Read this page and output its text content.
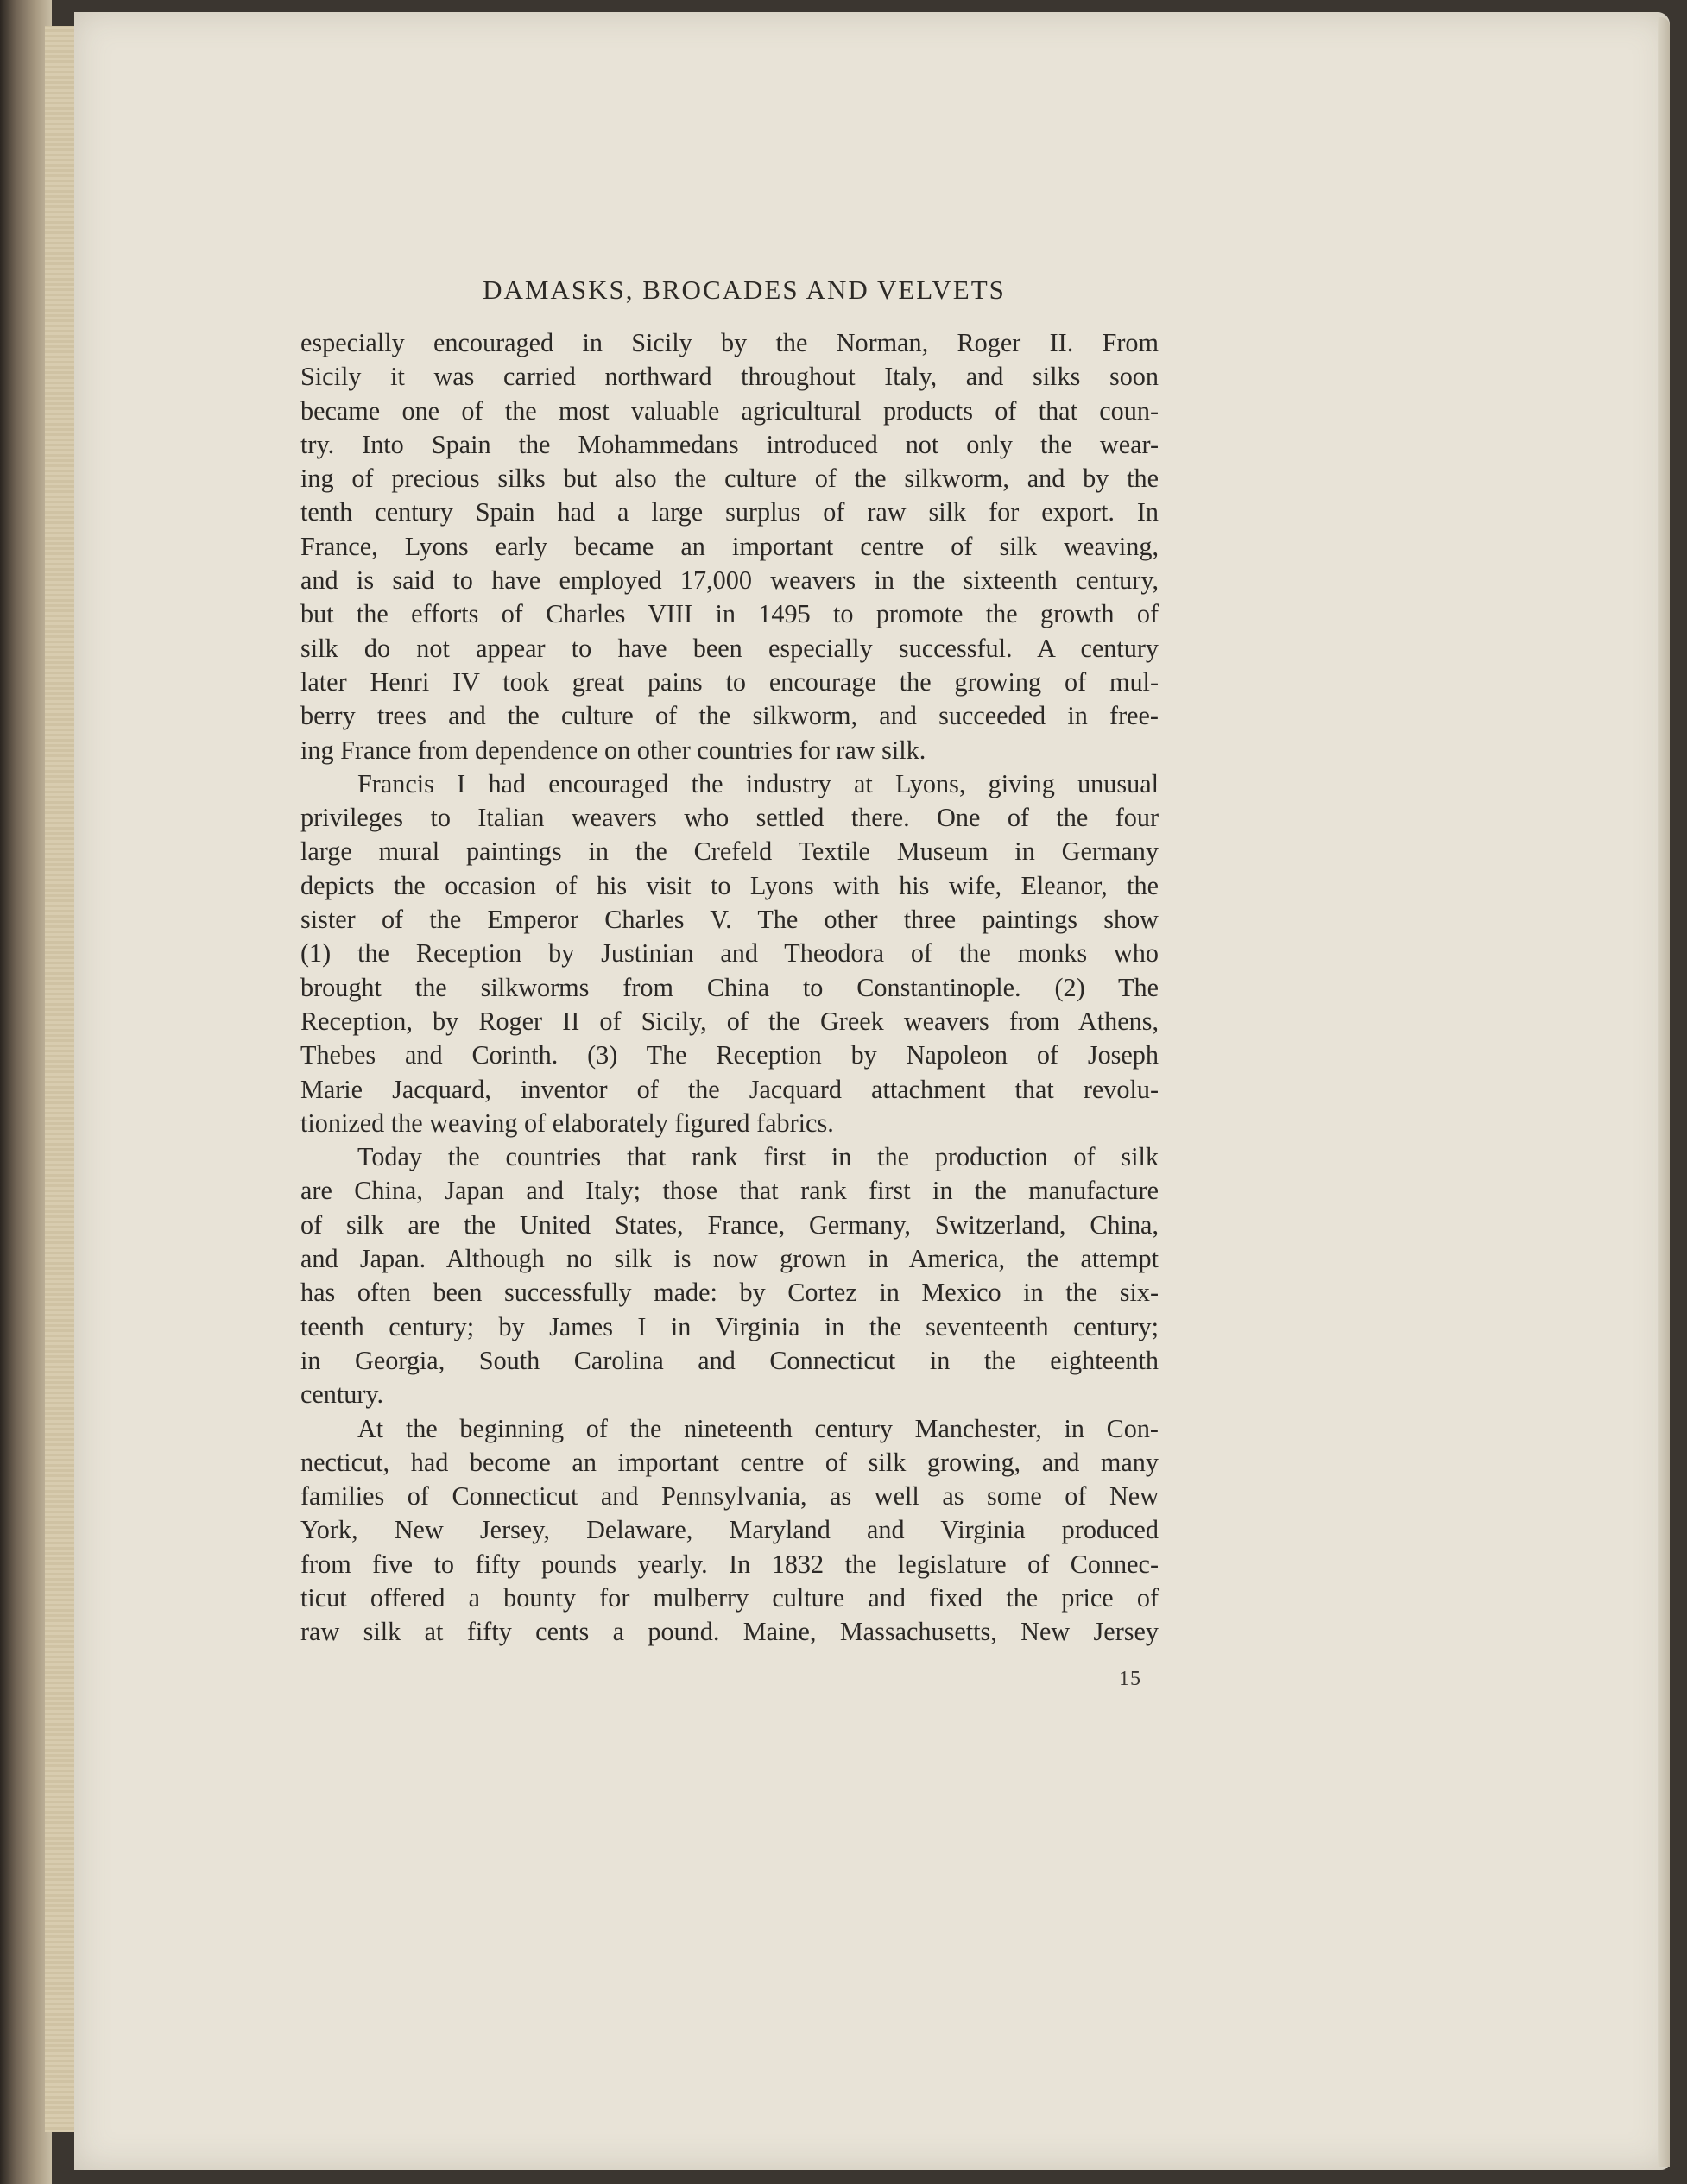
DAMASKS, BROCADES AND VELVETS
especially encouraged in Sicily by the Norman, Roger II. From
Sicily it was carried northward throughout Italy, and silks soon
became one of the most valuable agricultural products of that coun-
try. Into Spain the Mohammedans introduced not only the wear-
ing of precious silks but also the culture of the silkworm, and by the
tenth century Spain had a large surplus of raw silk for export. In
France, Lyons early became an important centre of silk weaving,
and is said to have employed 17,000 weavers in the sixteenth century,
but the efforts of Charles VIII in 1495 to promote the growth of
silk do not appear to have been especially successful. A century
later Henri IV took great pains to encourage the growing of mul-
berry trees and the culture of the silkworm, and succeeded in free-
ing France from dependence on other countries for raw silk.
Francis I had encouraged the industry at Lyons, giving unusual
privileges to Italian weavers who settled there. One of the four
large mural paintings in the Crefeld Textile Museum in Germany
depicts the occasion of his visit to Lyons with his wife, Eleanor, the
sister of the Emperor Charles V. The other three paintings show
(1) the Reception by Justinian and Theodora of the monks who
brought the silkworms from China to Constantinople. (2) The
Reception, by Roger II of Sicily, of the Greek weavers from Athens,
Thebes and Corinth. (3) The Reception by Napoleon of Joseph
Marie Jacquard, inventor of the Jacquard attachment that revolu-
tionized the weaving of elaborately figured fabrics.
Today the countries that rank first in the production of silk
are China, Japan and Italy; those that rank first in the manufacture
of silk are the United States, France, Germany, Switzerland, China,
and Japan. Although no silk is now grown in America, the attempt
has often been successfully made: by Cortez in Mexico in the six-
teenth century; by James I in Virginia in the seventeenth century;
in Georgia, South Carolina and Connecticut in the eighteenth
century.
At the beginning of the nineteenth century Manchester, in Con-
necticut, had become an important centre of silk growing, and many
families of Connecticut and Pennsylvania, as well as some of New
York, New Jersey, Delaware, Maryland and Virginia produced
from five to fifty pounds yearly. In 1832 the legislature of Connec-
ticut offered a bounty for mulberry culture and fixed the price of
raw silk at fifty cents a pound. Maine, Massachusetts, New Jersey
15
